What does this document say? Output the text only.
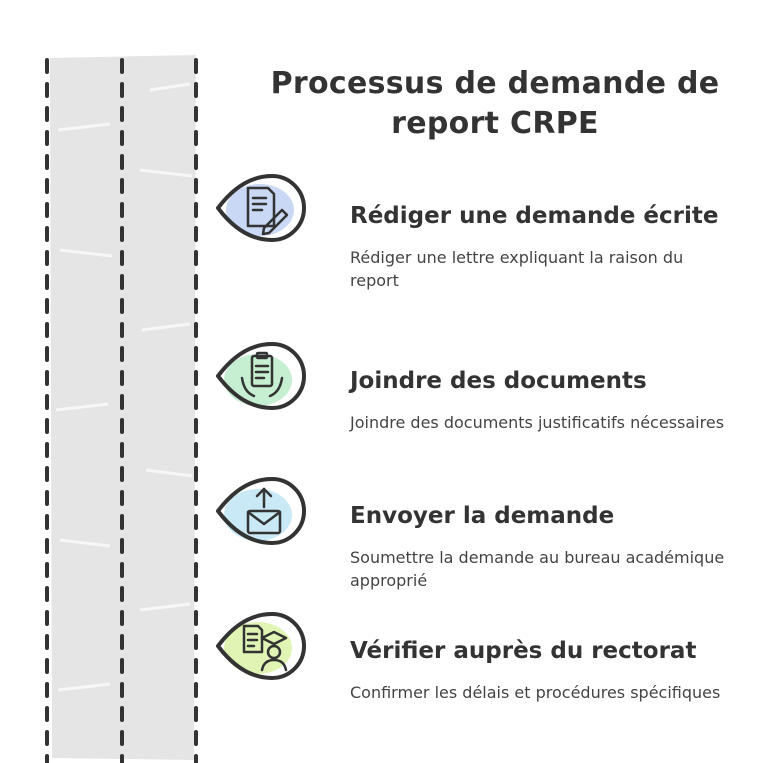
Processus de demande de report CRPE
Rédiger une demande écrite
Rédiger une lettre expliquant la raison du report
Joindre des documents
Joindre des documents justificatifs nécessaires
Envoyer la demande
Soumettre la demande au bureau académique approprié
Vérifier auprès du rectorat
Confirmer les délais et procédures spécifiques
